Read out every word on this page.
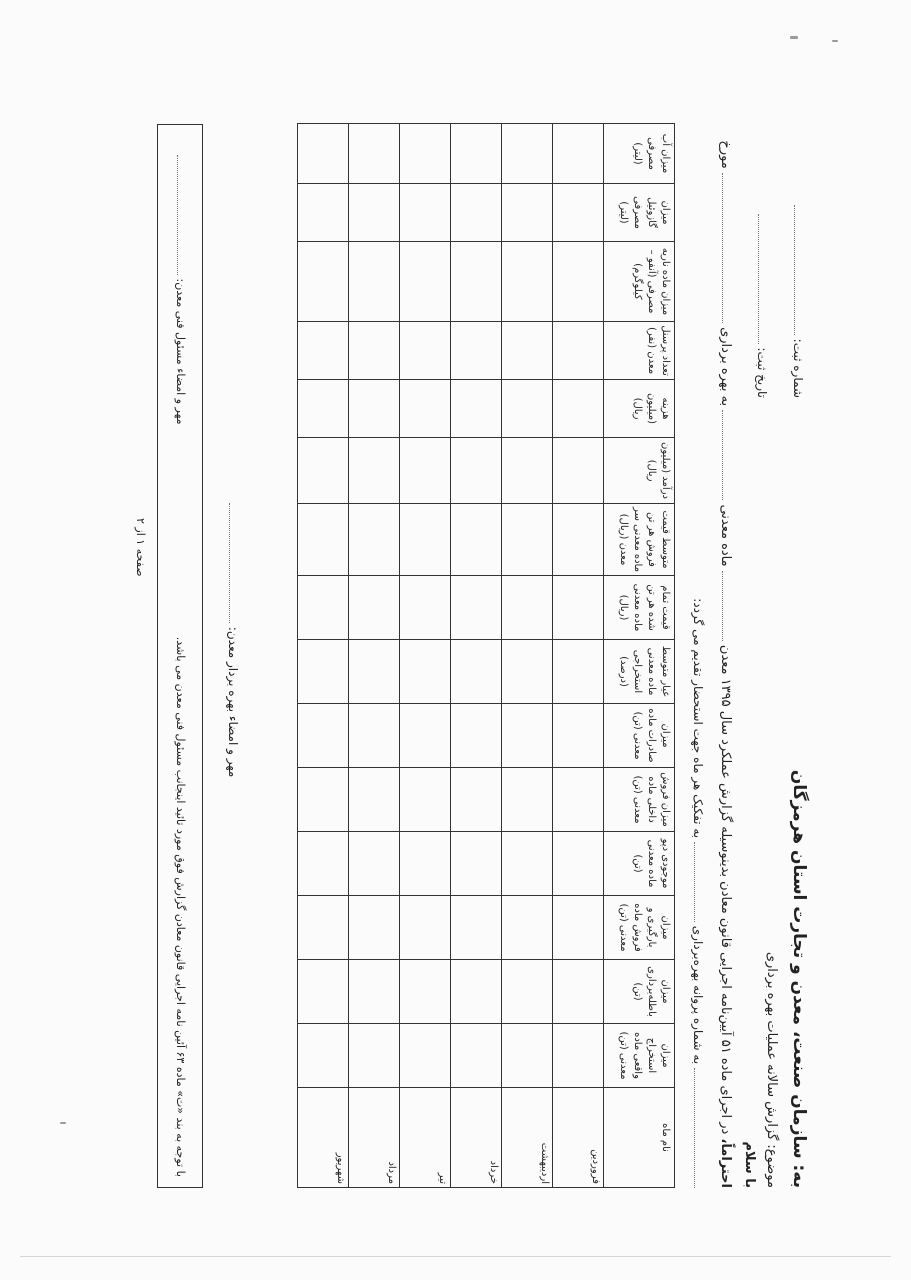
به: سازمان صنعت، معدن و تجارت استان هرمزگان
موضوع: گزارش سالانه عملیات بهره برداری
با سلام
احتراماً، در اجرای ماده ۵۱ آیین‌نامه اجرایی قانون معادن بدینوسیله گزارش عملکرد سال ۱۳۹۵ معدن  ماده معدنی  به بهره برداری  مورخ
به شماره پروانه بهره‌برداری  به تفکیک هر ماه جهت استحضار تقدیم می گردد:
شماره ثبت:
تاریخ ثبت:
نام ماه	میزان استخراج واقعی ماده معدنی (تن)	میزان باطله‌برداری (تن)	میزان بارگیری و فروش ماده معدنی (تن)	موجودی دپو ماده معدنی (تن)	میزان فروش داخلی ماده معدنی (تن)	میزان صادرات ماده معدنی (تن)	عیار متوسط ماده معدنی استخراجی (درصد)	قیمت تمام شده هر تن ماده معدنی (ریال)	متوسط قیمت فروش هر تن ماده معدنی سر معدن (ریال)	درآمد (میلیون ریال)	هزینه (میلیون ریال)	تعداد پرسنل معدن (نفر)	میزان ماده ناریه مصرفی (آنفو – کیلوگرم)	میزان گازوئیل مصرفی (لیتر)	میزان آب مصرفی (لیتر)
فروردین															
اردیبهشت															
خرداد															
تیر															
مرداد															
شهریور															
مهر و امضاء بهره بردار معدن:
با توجه به بند «ت» ماده ۶۳ آئین نامه اجرایی قانون معادن گزارش فوق مورد تائید اینجانب مسئول فنی معدن می باشد.
مهر و امضاء مسئول فنی معدن:
صفحه ۱ از ۲
